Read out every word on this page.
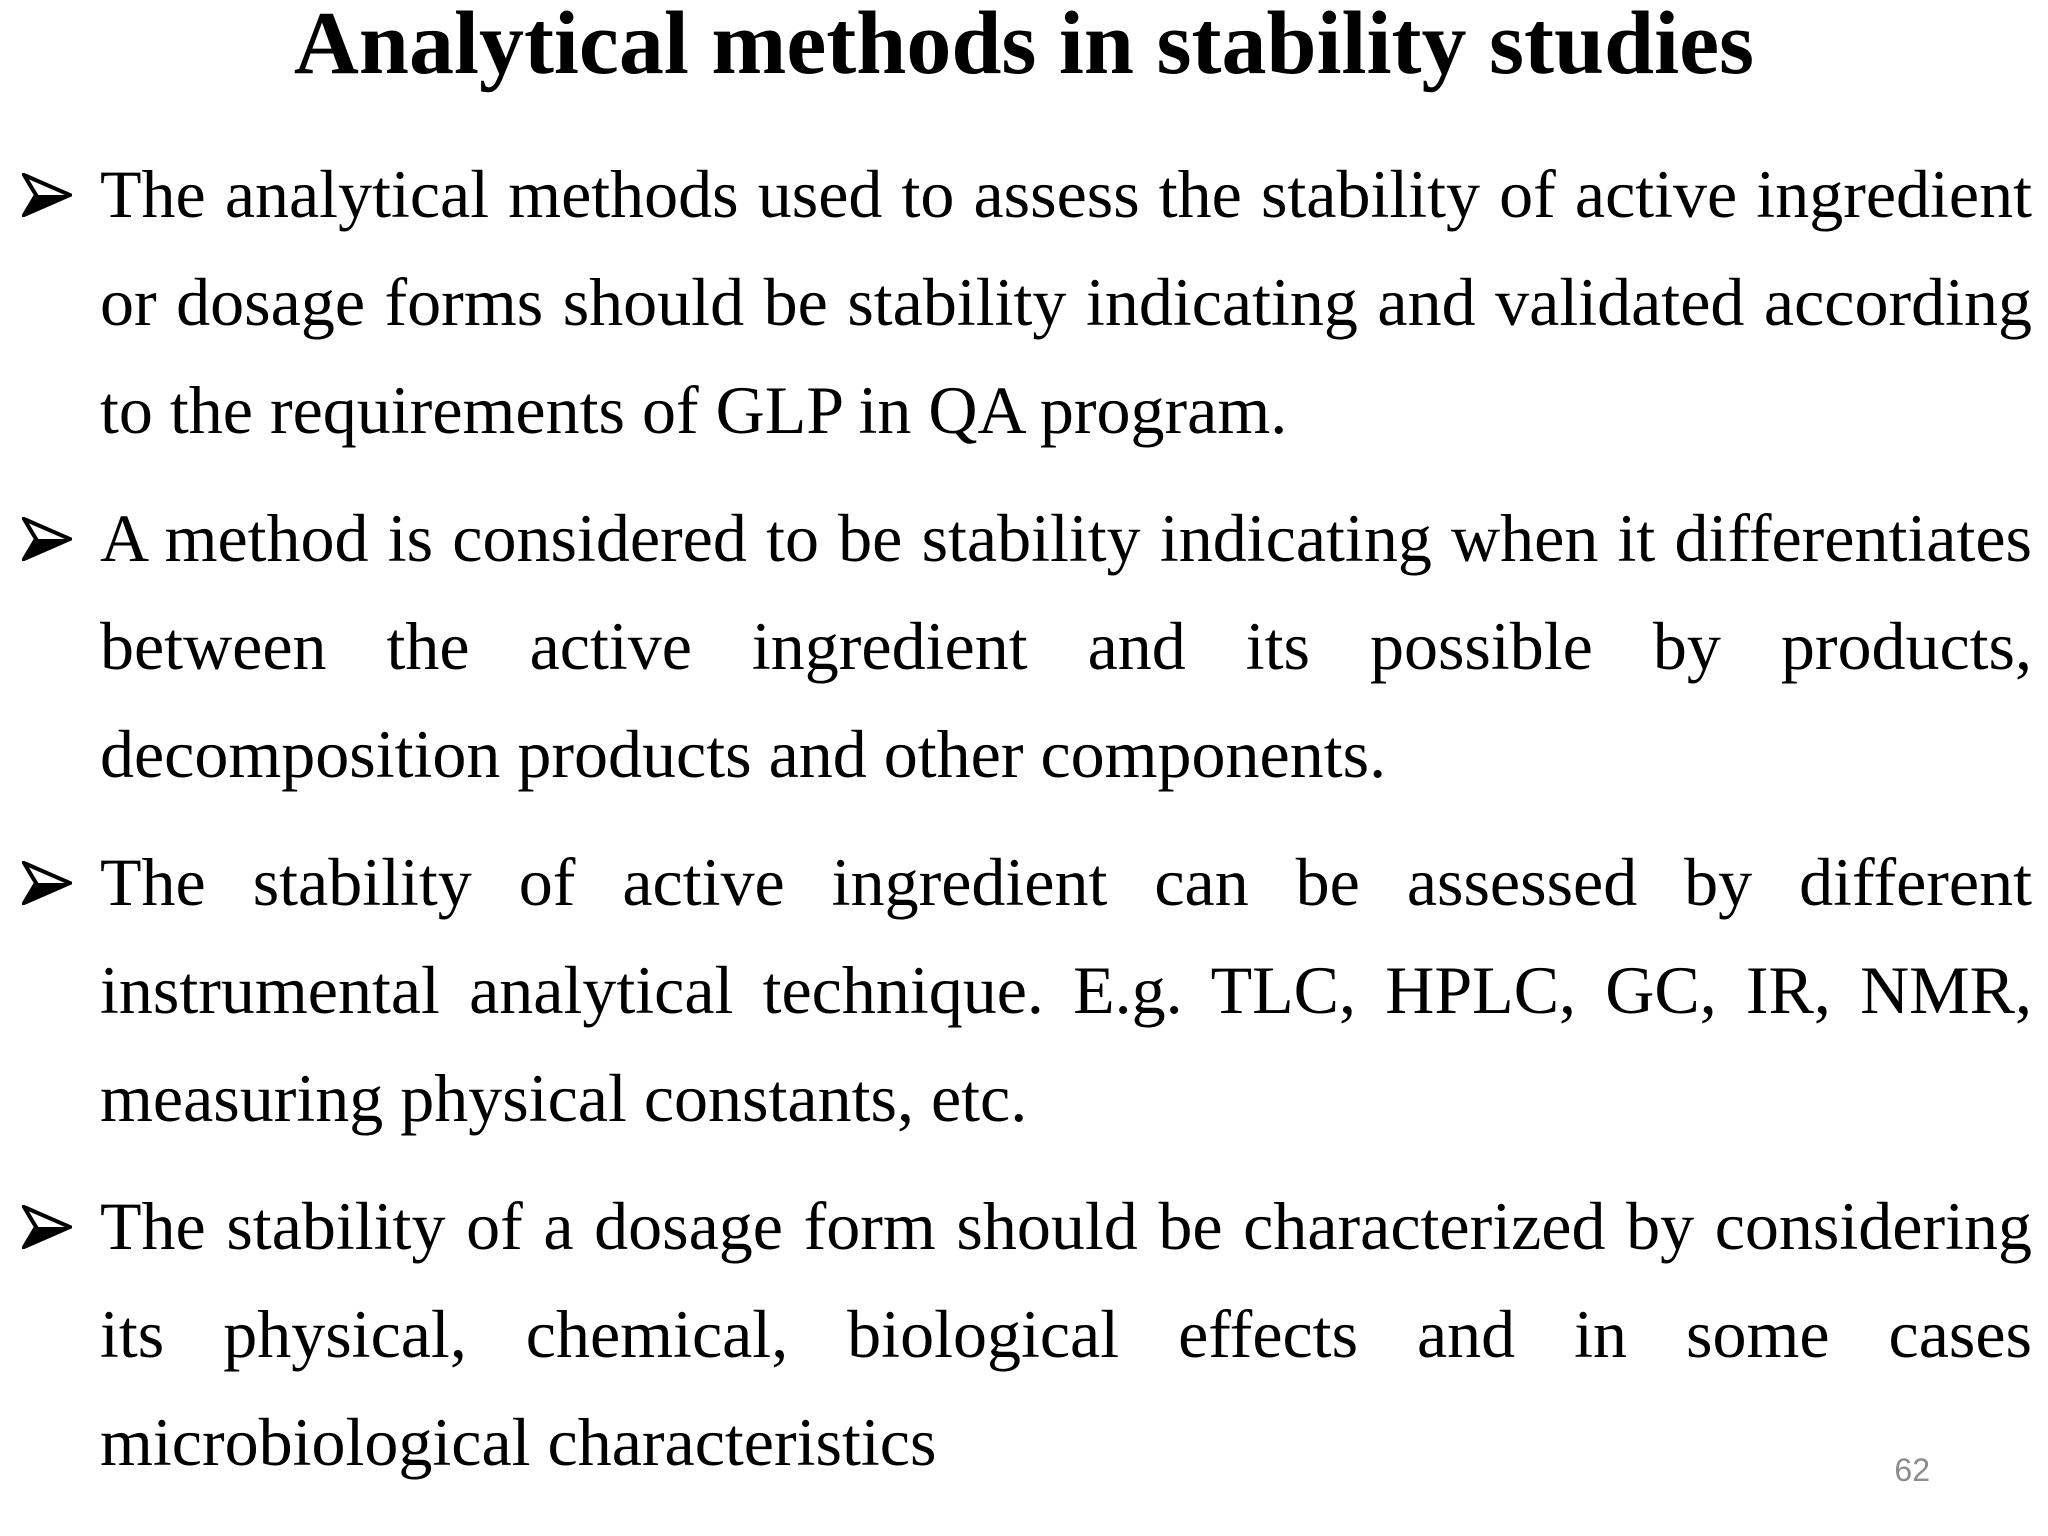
Analytical methods in stability studies
The analytical methods used to assess the stability of active ingredient or dosage forms should be stability indicating and validated according to the requirements of GLP in QA program.
A method is considered to be stability indicating when it differentiates between the active ingredient and its possible by products, decomposition products and other components.
The stability of active ingredient can be assessed by different instrumental analytical technique. E.g. TLC, HPLC, GC, IR, NMR, measuring physical constants, etc.
The stability of a dosage form should be characterized by considering its physical, chemical, biological effects and in some cases microbiological characteristics	62
